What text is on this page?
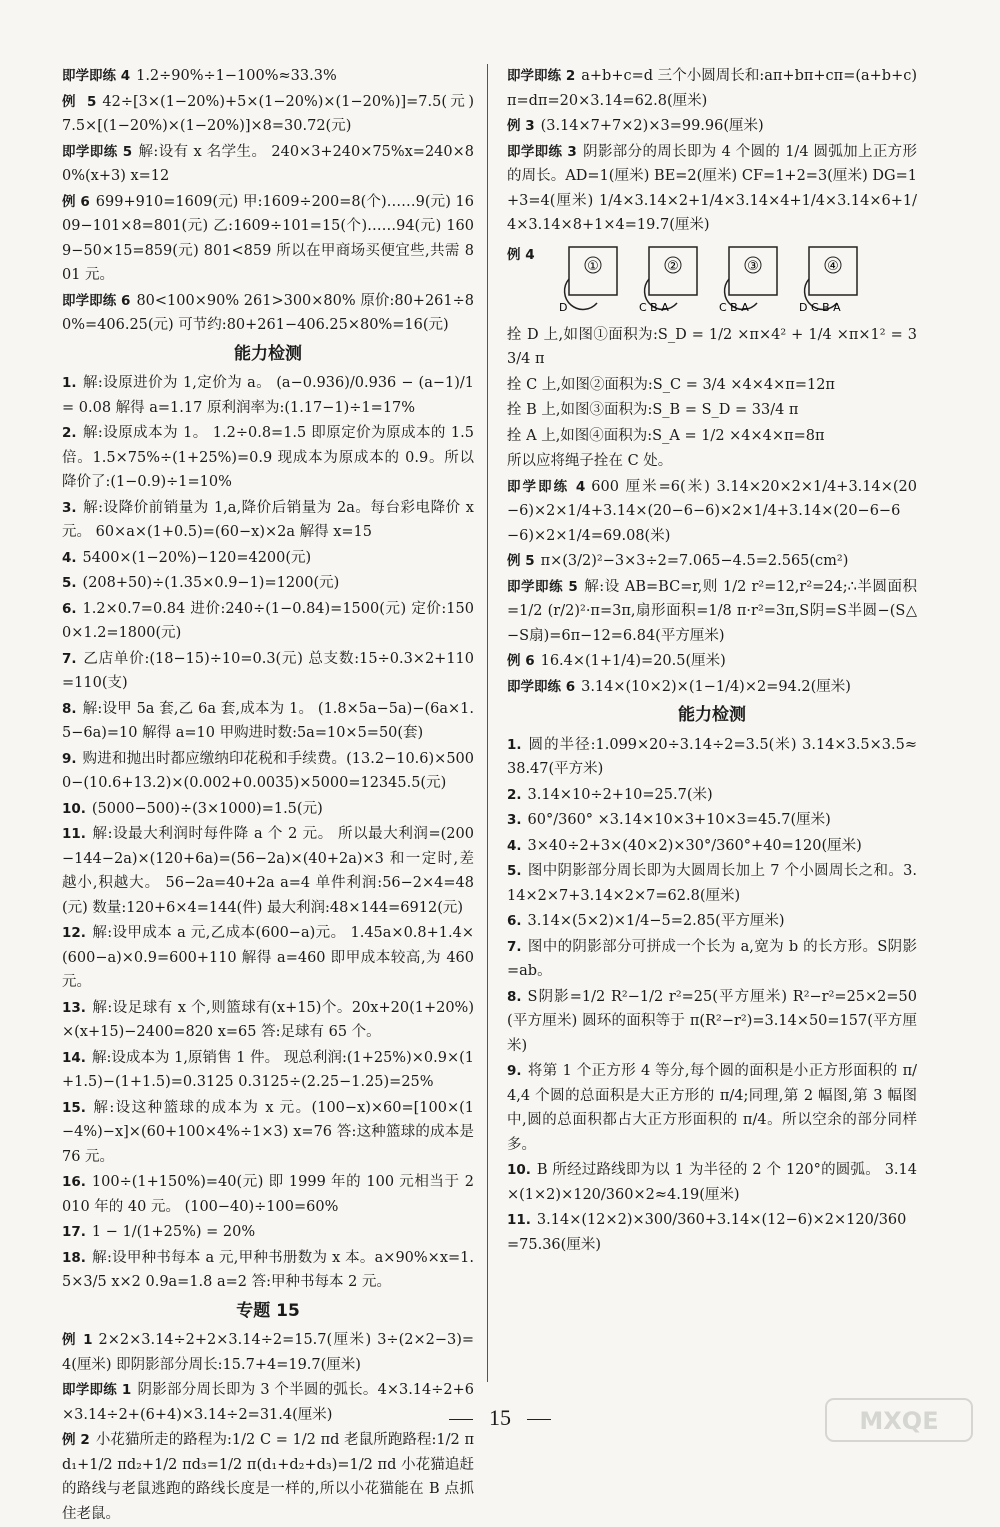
即学即练 4 1.2÷90%÷1−100%≈33.3%

例 5 42÷[3×(1−20%)+5×(1−20%)×(1−20%)]=7.5(元) 7.5×[(1−20%)×(1−20%)]×8=30.72(元)

即学即练 5 解:设有 x 名学生。 240×3+240×75%x=240×80%(x+3) x=12

例 6 699+910=1609(元) 甲:1609÷200=8(个)……9(元) 1609−101×8=801(元) 乙:1609÷101=15(个)……94(元) 1609−50×15=859(元) 801<859 所以在甲商场买便宜些,共需 801 元。

即学即练 6 80<100×90% 261>300×80% 原价:80+261÷80%=406.25(元) 可节约:80+261−406.25×80%=16(元)

能力检测

1. 解:设原进价为 1,定价为 a。 (a−0.936)/0.936 − (a−1)/1 = 0.08 解得 a=1.17 原利润率为:(1.17−1)÷1=17%

2. 解:设原成本为 1。 1.2÷0.8=1.5 即原定价为原成本的 1.5 倍。1.5×75%÷(1+25%)=0.9 现成本为原成本的 0.9。所以降价了:(1−0.9)÷1=10%

3. 解:设降价前销量为 1,a,降价后销量为 2a。每台彩电降价 x 元。 60×a×(1+0.5)=(60−x)×2a 解得 x=15

4. 5400×(1−20%)−120=4200(元)

5. (208+50)÷(1.35×0.9−1)=1200(元)

6. 1.2×0.7=0.84 进价:240÷(1−0.84)=1500(元) 定价:1500×1.2=1800(元)

7. 乙店单价:(18−15)÷10=0.3(元) 总支数:15÷0.3×2+110=110(支)

8. 解:设甲 5a 套,乙 6a 套,成本为 1。 (1.8×5a−5a)−(6a×1.5−6a)=10 解得 a=10 甲购进时数:5a=10×5=50(套)

9. 购进和抛出时都应缴纳印花税和手续费。(13.2−10.6)×5000−(10.6+13.2)×(0.002+0.0035)×5000=12345.5(元)

10. (5000−500)÷(3×1000)=1.5(元)

11. 解:设最大利润时每件降 a 个 2 元。 所以最大利润=(200−144−2a)×(120+6a)=(56−2a)×(40+2a)×3 和一定时,差越小,积越大。 56−2a=40+2a a=4 单件利润:56−2×4=48(元) 数量:120+6×4=144(件) 最大利润:48×144=6912(元)

12. 解:设甲成本 a 元,乙成本(600−a)元。 1.45a×0.8+1.4×(600−a)×0.9=600+110 解得 a=460 即甲成本较高,为 460 元。

13. 解:设足球有 x 个,则篮球有(x+15)个。20x+20(1+20%)×(x+15)−2400=820 x=65 答:足球有 65 个。

14. 解:设成本为 1,原销售 1 件。 现总利润:(1+25%)×0.9×(1+1.5)−(1+1.5)=0.3125 0.3125÷(2.25−1.25)=25%

15. 解:设这种篮球的成本为 x 元。(100−x)×60=[100×(1−4%)−x]×(60+100×4%÷1×3) x=76 答:这种篮球的成本是 76 元。

16. 100÷(1+150%)=40(元) 即 1999 年的 100 元相当于 2010 年的 40 元。 (100−40)÷100=60%

17. 1 − 1/(1+25%) = 20%

18. 解:设甲种书每本 a 元,甲种书册数为 x 本。a×90%×x=1.5×3/5 x×2 0.9a=1.8 a=2 答:甲种书每本 2 元。

专题 15

例 1 2×2×3.14÷2+2×3.14÷2=15.7(厘米) 3÷(2×2−3)=4(厘米) 即阴影部分周长:15.7+4=19.7(厘米)

即学即练 1 阴影部分周长即为 3 个半圆的弧长。4×3.14÷2+6×3.14÷2+(6+4)×3.14÷2=31.4(厘米)

例 2 小花猫所走的路程为:1/2 C = 1/2 πd 老鼠所跑路程:1/2 πd₁+1/2 πd₂+1/2 πd₃=1/2 π(d₁+d₂+d₃)=1/2 πd 小花猫追赶的路线与老鼠逃跑的路线长度是一样的,所以小花猫能在 B 点抓住老鼠。

即学即练 2 a+b+c=d 三个小圆周长和:aπ+bπ+cπ=(a+b+c)π=dπ=20×3.14=62.8(厘米)

例 3 (3.14×7+7×2)×3=99.96(厘米)

即学即练 3 阴影部分的周长即为 4 个圆的 1/4 圆弧加上正方形的周长。AD=1(厘米) BE=2(厘米) CF=1+2=3(厘米) DG=1+3=4(厘米) 1/4×3.14×2+1/4×3.14×4+1/4×3.14×6+1/4×3.14×8+1×4=19.7(厘米)

例 4
①
D
②
C B A
③
C B A
④
D C B A

拴 D 上,如图①面积为:S_D = 1/2 ×π×4² + 1/4 ×π×1² = 33/4 π

拴 C 上,如图②面积为:S_C = 3/4 ×4×4×π=12π

拴 B 上,如图③面积为:S_B = S_D = 33/4 π

拴 A 上,如图④面积为:S_A = 1/2 ×4×4×π=8π

所以应将绳子拴在 C 处。

即学即练 4 600 厘米=6(米) 3.14×20×2×1/4+3.14×(20−6)×2×1/4+3.14×(20−6−6)×2×1/4+3.14×(20−6−6−6)×2×1/4=69.08(米)

例 5 π×(3/2)²−3×3÷2=7.065−4.5=2.565(cm²)

即学即练 5 解:设 AB=BC=r,则 1/2 r²=12,r²=24;∴半圆面积=1/2 (r/2)²·π=3π,扇形面积=1/8 π·r²=3π,S阴=S半圆−(S△−S扇)=6π−12=6.84(平方厘米)

例 6 16.4×(1+1/4)=20.5(厘米)

即学即练 6 3.14×(10×2)×(1−1/4)×2=94.2(厘米)

能力检测

1. 圆的半径:1.099×20÷3.14÷2=3.5(米) 3.14×3.5×3.5≈38.47(平方米)

2. 3.14×10÷2+10=25.7(米)

3. 60°/360° ×3.14×10×3+10×3=45.7(厘米)

4. 3×40÷2+3×(40×2)×30°/360°+40=120(厘米)

5. 图中阴影部分周长即为大圆周长加上 7 个小圆周长之和。3.14×2×7+3.14×2×7=62.8(厘米)

6. 3.14×(5×2)×1/4−5=2.85(平方厘米)

7. 图中的阴影部分可拼成一个长为 a,宽为 b 的长方形。S阴影=ab。

8. S阴影=1/2 R²−1/2 r²=25(平方厘米) R²−r²=25×2=50(平方厘米) 圆环的面积等于 π(R²−r²)=3.14×50=157(平方厘米)

9. 将第 1 个正方形 4 等分,每个圆的面积是小正方形面积的 π/4,4 个圆的总面积是大正方形的 π/4;同理,第 2 幅图,第 3 幅图中,圆的总面积都占大正方形面积的 π/4。所以空余的部分同样多。

10. B 所经过路线即为以 1 为半径的 2 个 120°的圆弧。 3.14×(1×2)×120/360×2≈4.19(厘米)

11. 3.14×(12×2)×300/360+3.14×(12−6)×2×120/360=75.36(厘米)

15	MXQE
